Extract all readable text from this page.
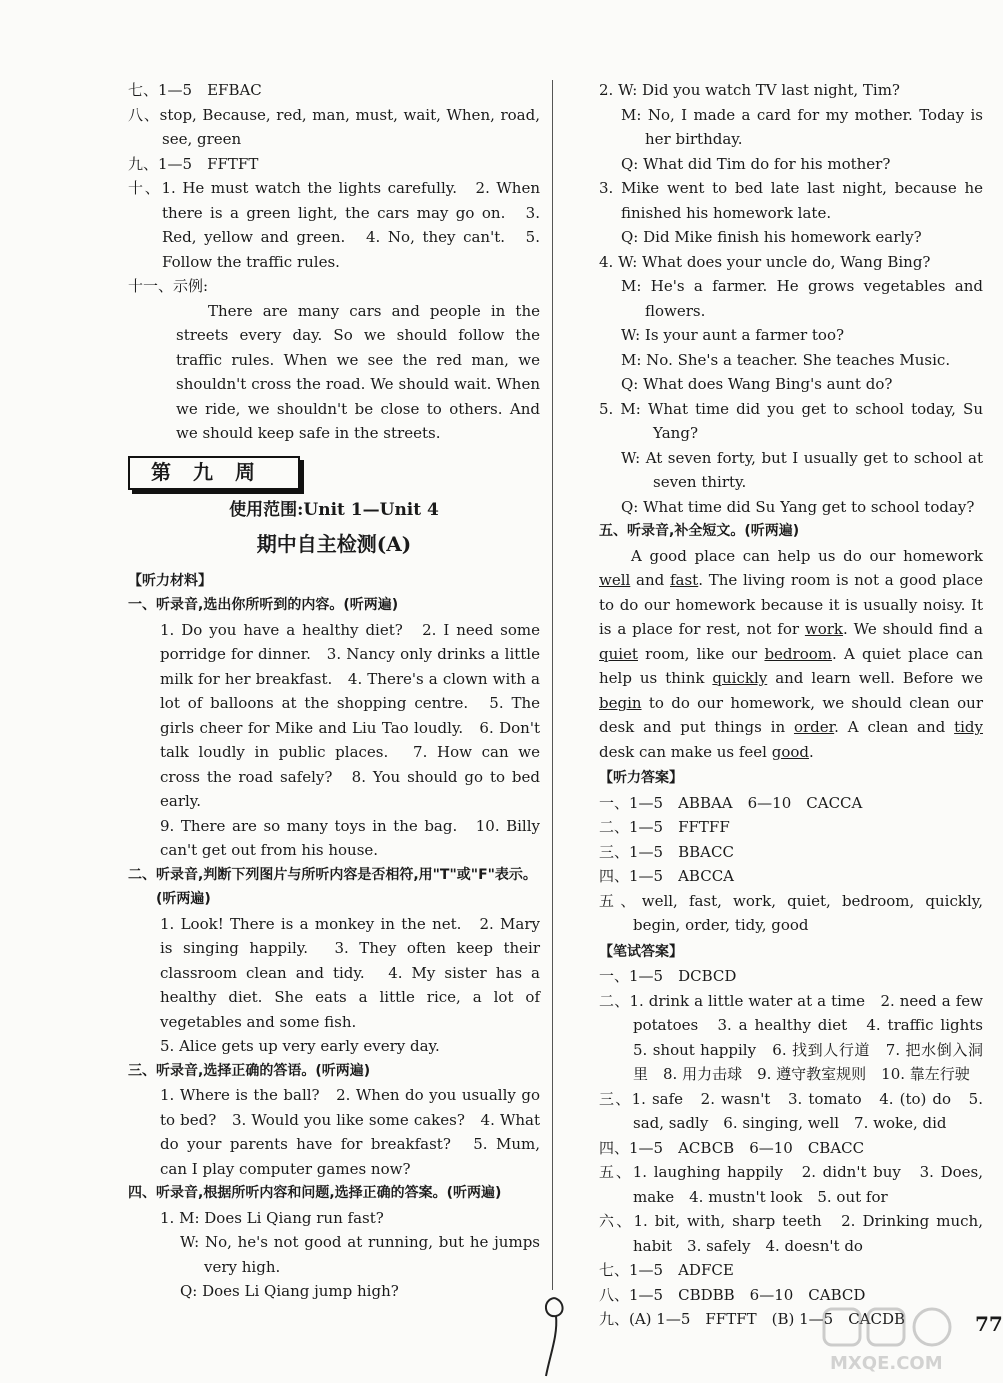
七、1—5　EFBAC

八、stop, Because, red, man, must, wait, When, road, see, green

九、1—5　FFTFT

十、1. He must watch the lights carefully.　2. When there is a green light, the cars may go on.　3. Red, yellow and green.　4. No, they can't.　5. Follow the traffic rules.

十一、示例:

There are many cars and people in the streets every day. So we should follow the traffic rules. When we see the red man, we shouldn't cross the road. We should wait. When we ride, we shouldn't be close to others. And we should keep safe in the streets.

第九周
使用范围:Unit 1—Unit 4
期中自主检测(A)
【听力材料】
一、听录音,选出你所听到的内容。(听两遍)

1. Do you have a healthy diet?　2. I need some porridge for dinner.　3. Nancy only drinks a little milk for her breakfast.　4. There's a clown with a lot of balloons at the shopping centre.　5. The girls cheer for Mike and Liu Tao loudly.　6. Don't talk loudly in public places.　7. How can we cross the road safely?　8. You should go to bed early.

9. There are so many toys in the bag.　10. Billy can't get out from his house.

二、听录音,判断下列图片与所听内容是否相符,用"T"或"F"表示。(听两遍)

1. Look! There is a monkey in the net.　2. Mary is singing happily.　3. They often keep their classroom clean and tidy.　4. My sister has a healthy diet. She eats a little rice, a lot of vegetables and some fish.

5. Alice gets up very early every day.

三、听录音,选择正确的答语。(听两遍)

1. Where is the ball?　2. When do you usually go to bed?　3. Would you like some cakes?　4. What do your parents have for breakfast?　5. Mum, can I play computer games now?

四、听录音,根据所听内容和问题,选择正确的答案。(听两遍)

1. M: Does Li Qiang run fast?

W: No, he's not good at running, but he jumps very high.

Q: Does Li Qiang jump high?

2. W: Did you watch TV last night, Tim?

M: No, I made a card for my mother. Today is her birthday.

Q: What did Tim do for his mother?

3. Mike went to bed late last night, because he finished his homework late.

Q: Did Mike finish his homework early?

4. W: What does your uncle do, Wang Bing?

M: He's a farmer. He grows vegetables and flowers.

W: Is your aunt a farmer too?

M: No. She's a teacher. She teaches Music.

Q: What does Wang Bing's aunt do?

5. M: What time did you get to school today, Su Yang?

W: At seven forty, but I usually get to school at seven thirty.

Q: What time did Su Yang get to school today?

五、听录音,补全短文。(听两遍)

A good place can help us do our homework well and fast. The living room is not a good place to do our homework because it is usually noisy. It is a place for rest, not for work. We should find a quiet room, like our bedroom. A quiet place can help us think quickly and learn well. Before we begin to do our homework, we should clean our desk and put things in order. A clean and tidy desk can make us feel good.

【听力答案】

一、1—5　ABBAA　6—10　CACCA

二、1—5　FFTFF

三、1—5　BBACC

四、1—5　ABCCA

五、well, fast, work, quiet, bedroom, quickly, begin, order, tidy, good

【笔试答案】

一、1—5　DCBCD

二、1. drink a little water at a time　2. need a few potatoes　3. a healthy diet　4. traffic lights　5. shout happily　6. 找到人行道　7. 把水倒入洞里　8. 用力击球　9. 遵守教室规则　10. 靠左行驶

三、1. safe　2. wasn't　3. tomato　4. (to) do　5. sad, sadly　6. singing, well　7. woke, did

四、1—5　ACBCB　6—10　CBACC

五、1. laughing happily　2. didn't buy　3. Does, make　4. mustn't look　5. out for

六、1. bit, with, sharp teeth　2. Drinking much, habit　3. safely　4. doesn't do

七、1—5　ADFCE

八、1—5　CBDBB　6—10　CABCD

九、(A) 1—5　FFTFT　(B) 1—5　CACDB

MXQE.COM
77
